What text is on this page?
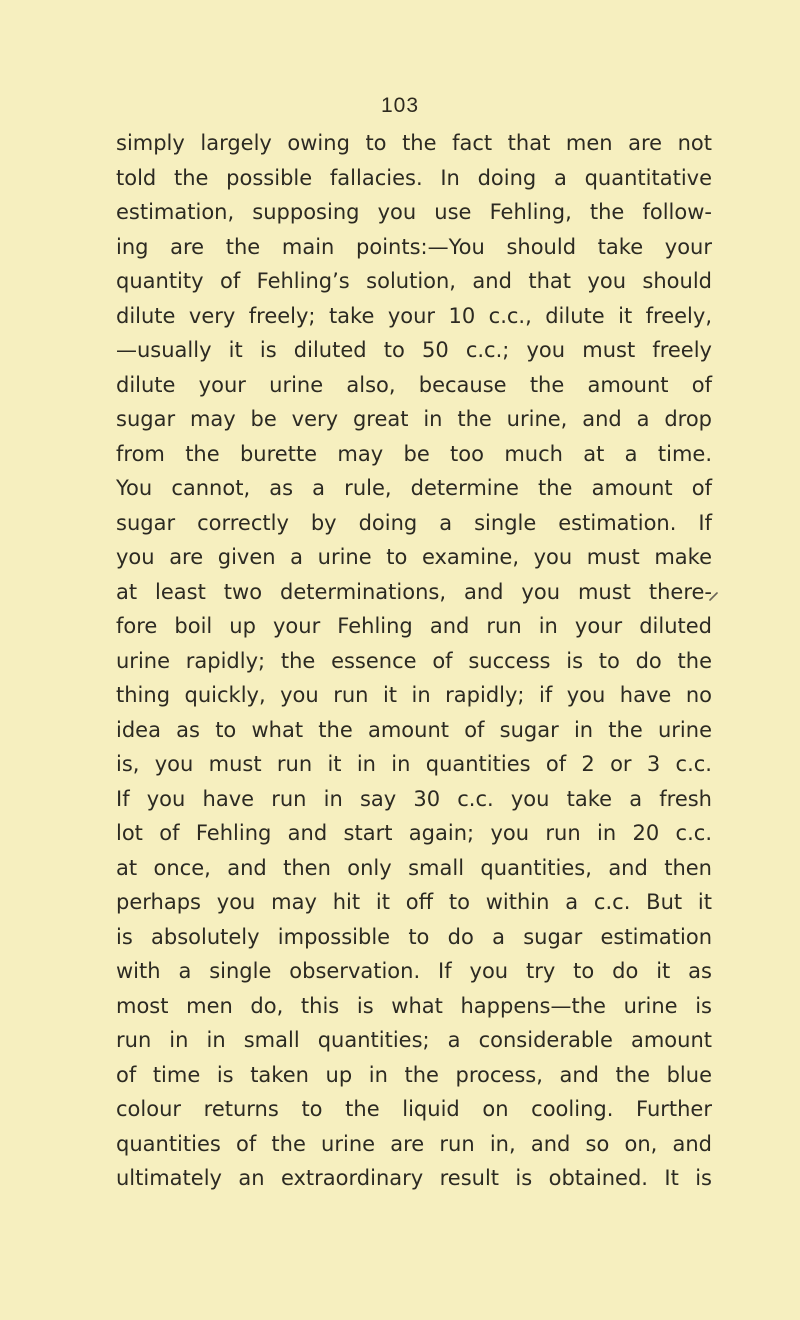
103
simply largely owing to the fact that men are not
told the possible fallacies. In doing a quantitative
estimation, supposing you use Fehling, the follow-
ing are the main points:—You should take your
quantity of Fehling’s solution, and that you should
dilute very freely; take your 10 c.c., dilute it freely,
—usually it is diluted to 50 c.c.; you must freely
dilute your urine also, because the amount of
sugar may be very great in the urine, and a drop
from the burette may be too much at a time.
You cannot, as a rule, determine the amount of
sugar correctly by doing a single estimation. If
you are given a urine to examine, you must make
at least two determinations, and you must there-
fore boil up your Fehling and run in your diluted
urine rapidly; the essence of success is to do the
thing quickly, you run it in rapidly; if you have no
idea as to what the amount of sugar in the urine
is, you must run it in in quantities of 2 or 3 c.c.
If you have run in say 30 c.c. you take a fresh
lot of Fehling and start again; you run in 20 c.c.
at once, and then only small quantities, and then
perhaps you may hit it off to within a c.c. But it
is absolutely impossible to do a sugar estimation
with a single observation. If you try to do it as
most men do, this is what happens—the urine is
run in in small quantities; a considerable amount
of time is taken up in the process, and the blue
colour returns to the liquid on cooling. Further
quantities of the urine are run in, and so on, and
ultimately an extraordinary result is obtained. It is
